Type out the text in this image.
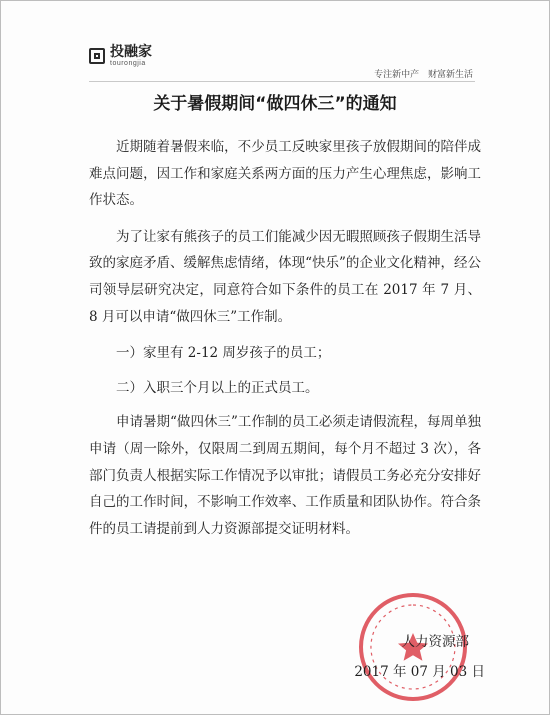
投融家
tourongjia
专注新中产 财富新生活
关于暑假期间“做四休三”的通知

近期随着暑假来临，不少员工反映家里孩子放假期间的陪伴成难点问题，因工作和家庭关系两方面的压力产生心理焦虑，影响工作状态。

为了让家有熊孩子的员工们能减少因无暇照顾孩子假期生活导致的家庭矛盾、缓解焦虑情绪，体现“快乐”的企业文化精神，经公司领导层研究决定，同意符合如下条件的员工在 2017 年 7 月、8 月可以申请“做四休三”工作制。

一）家里有 2-12 周岁孩子的员工；

二）入职三个月以上的正式员工。

申请暑期“做四休三”工作制的员工必须走请假流程，每周单独申请（周一除外，仅限周二到周五期间，每个月不超过 3 次），各部门负责人根据实际工作情况予以审批；请假员工务必充分安排好自己的工作时间，不影响工作效率、工作质量和团队协作。符合条件的员工请提前到人力资源部提交证明材料。

人力资源部
2017 年 07 月 03 日
